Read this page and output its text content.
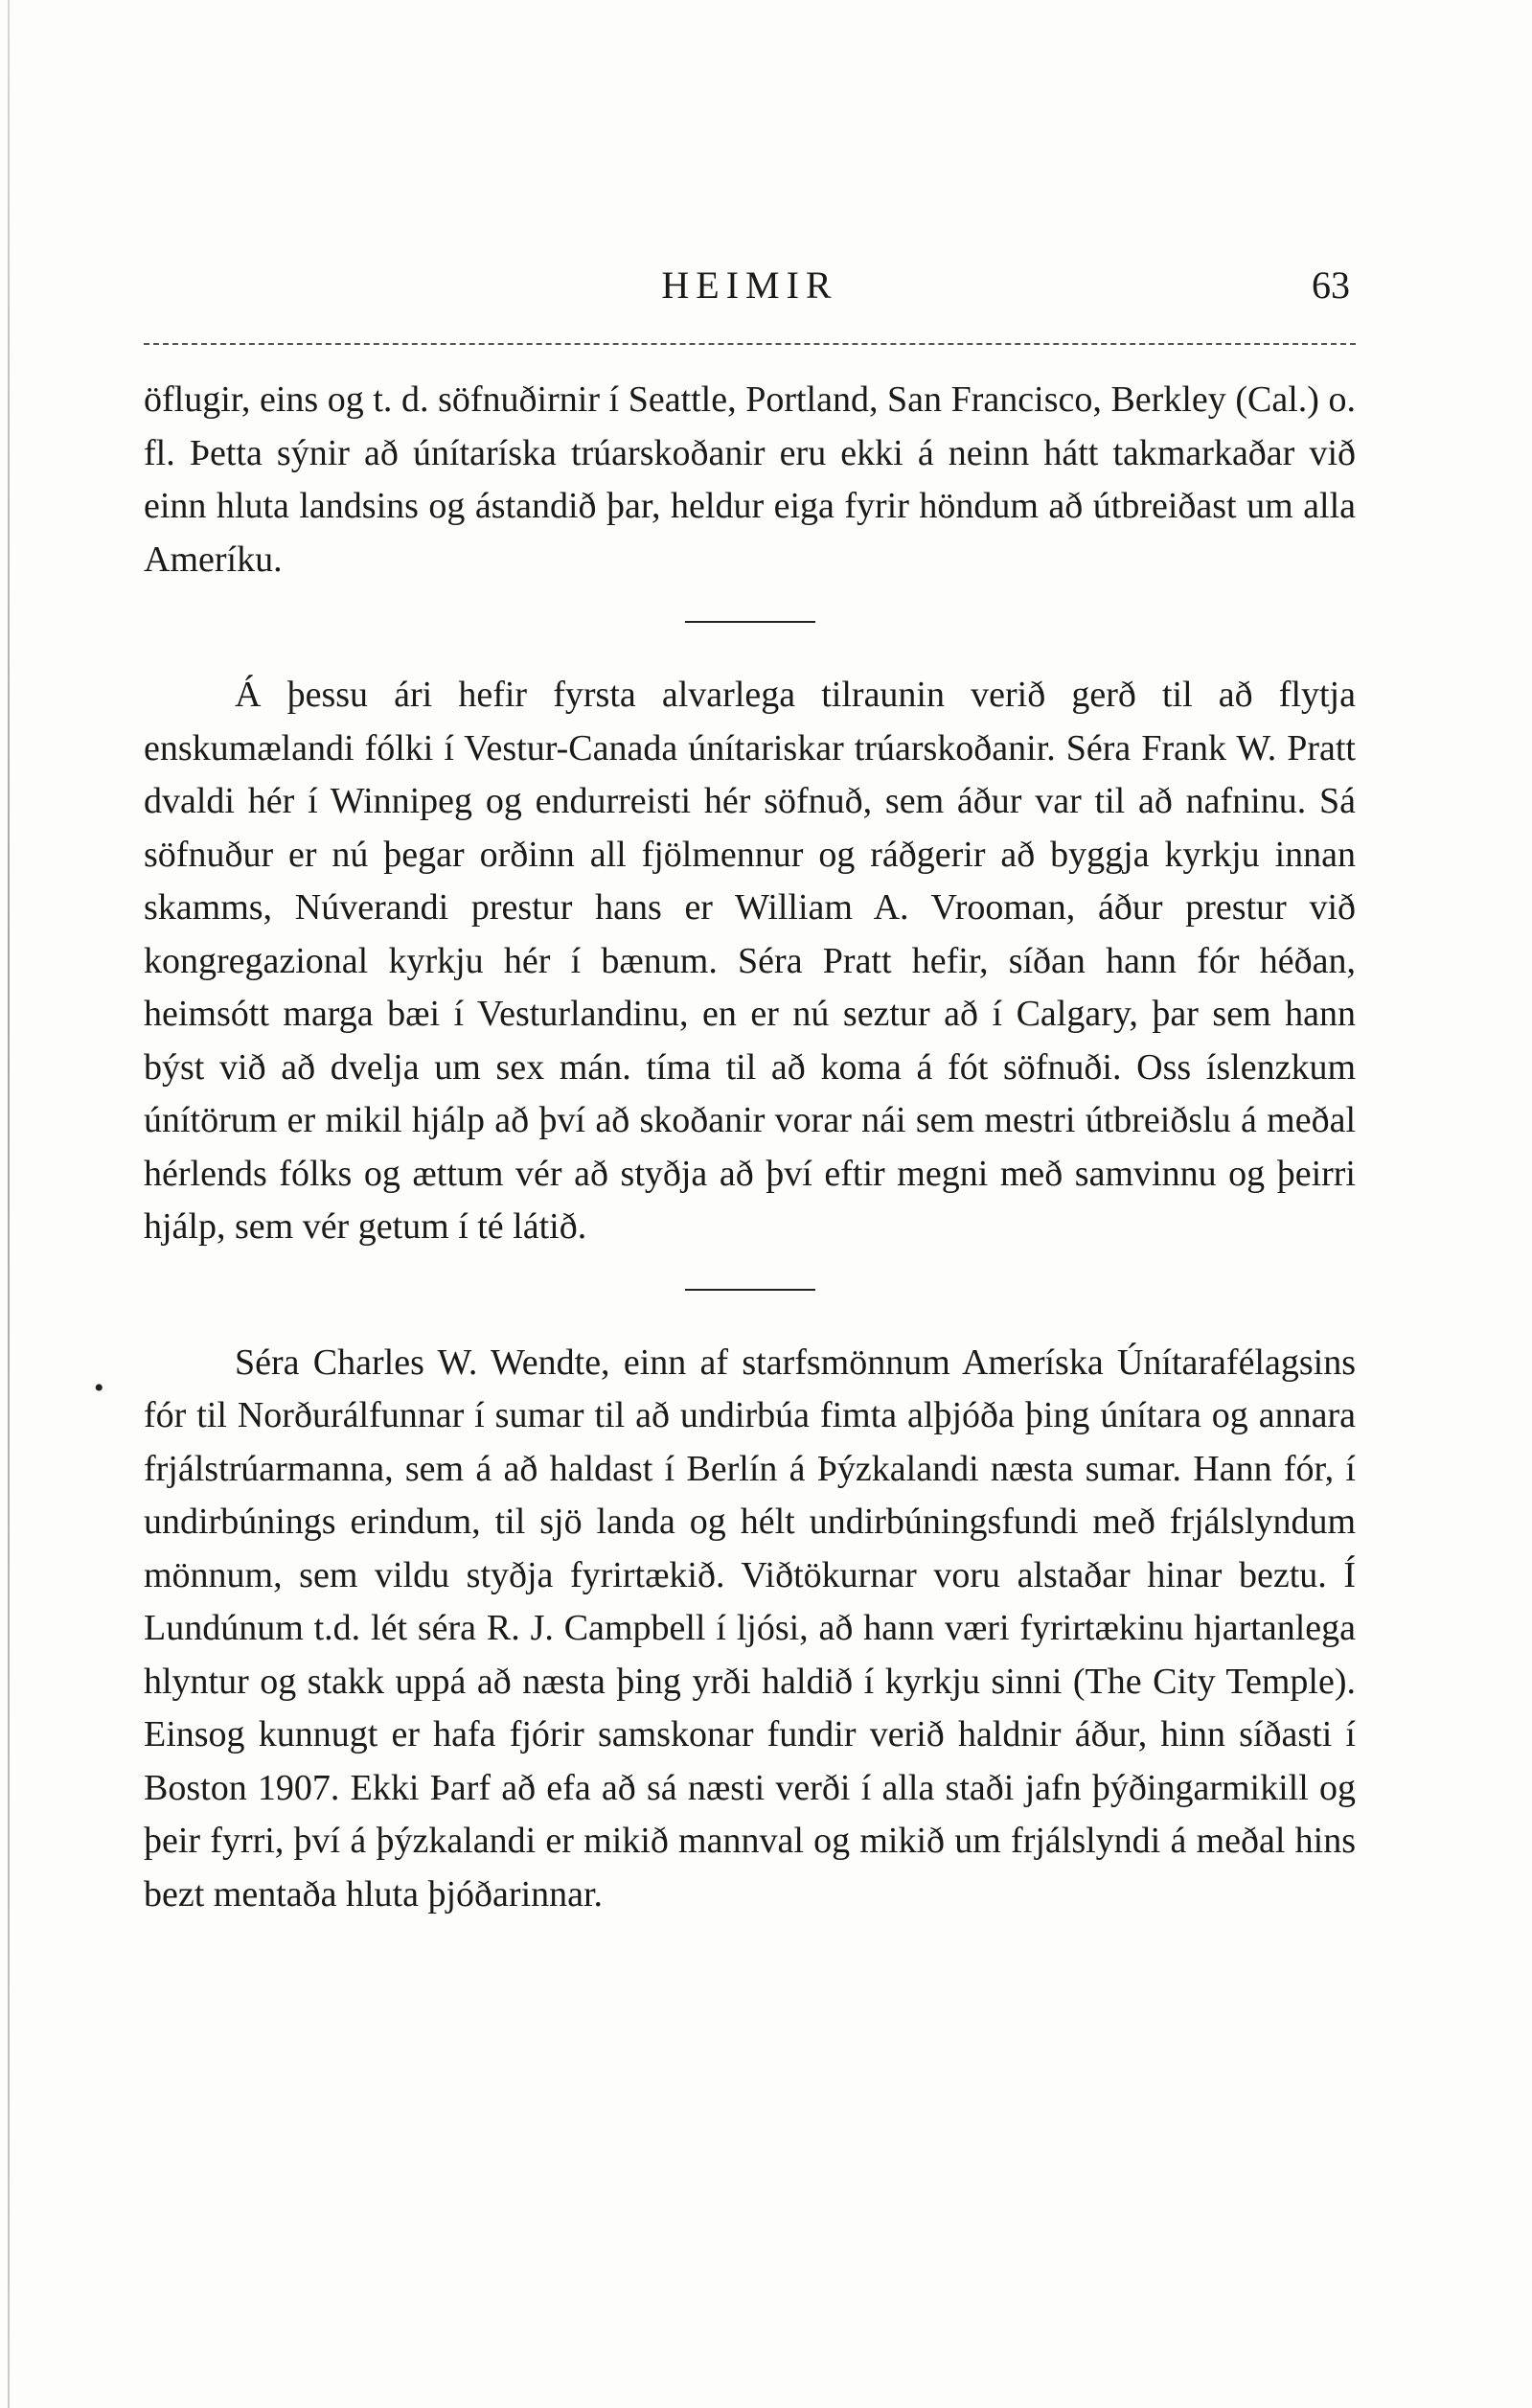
HEIMIR	63
•

öflugir, eins og t. d. söfnuðirnir í Seattle, Portland, San Francisco, Berkley (Cal.) o. fl. Þetta sýnir að únítaríska trúarskoðanir eru ekki á neinn hátt takmarkaðar við einn hluta landsins og ástandið þar, heldur eiga fyrir höndum að útbreiðast um alla Ameríku.

Á þessu ári hefir fyrsta alvarlega tilraunin verið gerð til að flytja enskumælandi fólki í Vestur-Canada únítariskar trúarskoðanir. Séra Frank W. Pratt dvaldi hér í Winnipeg og endurreisti hér söfnuð, sem áður var til að nafninu. Sá söfnuður er nú þegar orðinn all fjölmennur og ráðgerir að byggja kyrkju innan skamms, Núverandi prestur hans er William A. Vrooman, áður prestur við kongregazional kyrkju hér í bænum. Séra Pratt hefir, síðan hann fór héðan, heimsótt marga bæi í Vesturlandinu, en er nú seztur að í Calgary, þar sem hann býst við að dvelja um sex mán. tíma til að koma á fót söfnuði. Oss íslenzkum únítörum er mikil hjálp að því að skoðanir vorar nái sem mestri útbreiðslu á meðal hérlends fólks og ættum vér að styðja að því eftir megni með samvinnu og þeirri hjálp, sem vér getum í té látið.

Séra Charles W. Wendte, einn af starfsmönnum Ameríska Únítarafélagsins fór til Norðurálfunnar í sumar til að undirbúa fimta alþjóða þing únítara og annara frjálstrúarmanna, sem á að haldast í Berlín á Þýzkalandi næsta sumar. Hann fór, í undirbúnings erindum, til sjö landa og hélt undirbúningsfundi með frjálslyndum mönnum, sem vildu styðja fyrirtækið. Viðtökurnar voru alstaðar hinar beztu. Í Lundúnum t.d. lét séra R. J. Campbell í ljósi, að hann væri fyrirtækinu hjartanlega hlyntur og stakk uppá að næsta þing yrði haldið í kyrkju sinni (The City Temple). Einsog kunnugt er hafa fjórir samskonar fundir verið haldnir áður, hinn síðasti í Boston 1907. Ekki Þarf að efa að sá næsti verði í alla staði jafn þýðingarmikill og þeir fyrri, því á þýzkalandi er mikið mannval og mikið um frjálslyndi á meðal hins bezt mentaða hluta þjóðarinnar.
